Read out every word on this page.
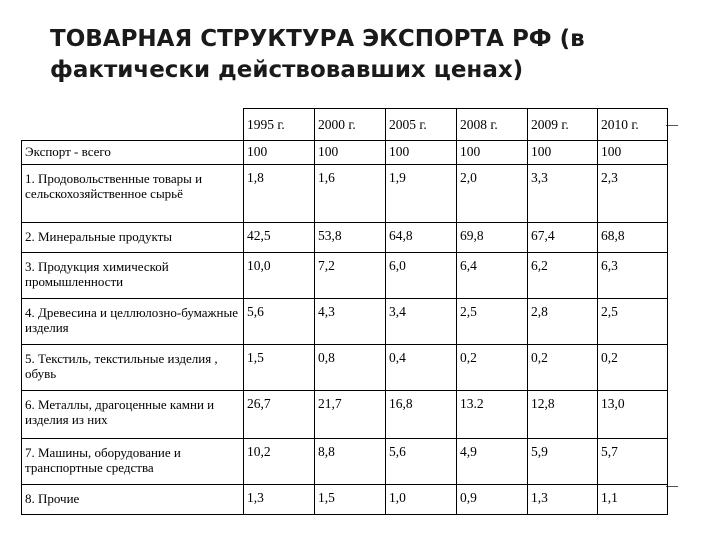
ТОВАРНАЯ СТРУКТУРА ЭКСПОРТА РФ (в фактически действовавших ценах)
	1995 г.	2000 г.	2005 г.	2008 г.	2009 г.	2010 г.
Экспорт - всего	100	100	100	100	100	100
1. Продовольственные товары и сельскохозяйственное сырьё	1,8	1,6	1,9	2,0	3,3	2,3
2. Минеральные продукты	42,5	53,8	64,8	69,8	67,4	68,8
3. Продукция химической промышленности	10,0	7,2	6,0	6,4	6,2	6,3
4. Древесина и целлюлозно-бумажные изделия	5,6	4,3	3,4	2,5	2,8	2,5
5. Текстиль, текстильные изделия , обувь	1,5	0,8	0,4	0,2	0,2	0,2
6. Металлы, драгоценные камни и изделия из них	26,7	21,7	16,8	13.2	12,8	13,0
7. Машины, оборудование и транспортные средства	10,2	8,8	5,6	4,9	5,9	5,7
8. Прочие	1,3	1,5	1,0	0,9	1,3	1,1
